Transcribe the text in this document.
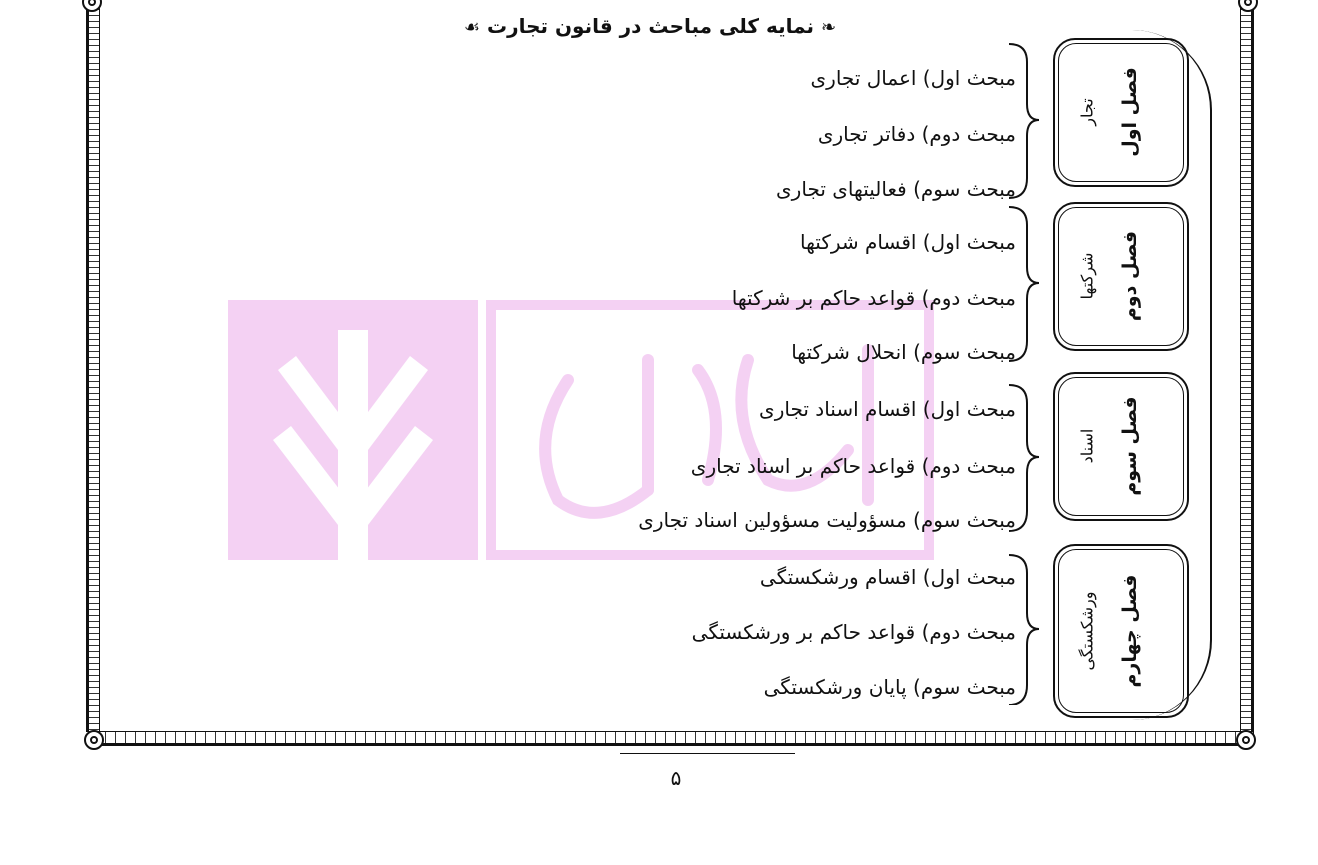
❧ نمایه کلی مباحث در قانون تجارت ☙
فصل اول
تجار
مبحث اول) اعمال تجاری
مبحث دوم) دفاتر تجاری
مبحث سوم) فعالیتهای تجاری
فصل دوم
شرکتها
مبحث اول) اقسام شرکتها
مبحث دوم) قواعد حاکم بر شرکتها
مبحث سوم) انحلال شرکتها
فصل سوم
اسناد
مبحث اول) اقسام اسناد تجاری
مبحث دوم) قواعد حاکم بر اسناد تجاری
مبحث سوم) مسؤولیت مسؤولین اسناد تجاری
فصل چهارم
ورشکستگی
مبحث اول) اقسام ورشکستگی
مبحث دوم) قواعد حاکم بر ورشکستگی
مبحث سوم) پایان ورشکستگی
۵
